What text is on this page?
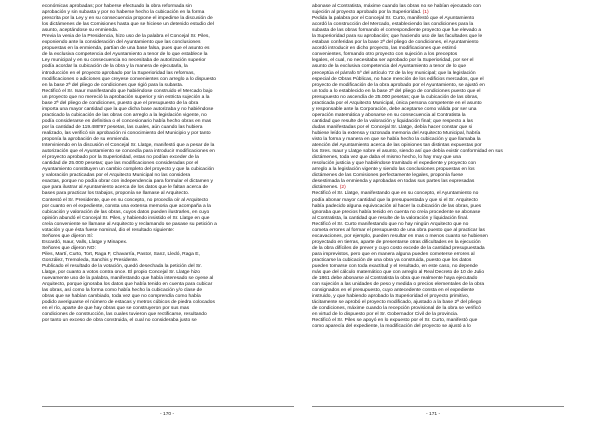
económicas aprobadas; por haberse efectuado la obra reformada sin

aprobación y sin subasta y por no haberse hecho la cubicación en la forma

prescrita por la Ley y en su consecuencia propone el impedirse la discusión de

los dictámenes de las Comisiones hasta que se hiciese un detenido estudio del

asunto, aceptándose su enmienda.

Previa la venia de la Presidencia, hizo uso de la palabra el Concejal Sr. Piles,

exponiendo ante la consideración del Ayuntamiento que las conclusiones

propuestas en la enmienda, partían de una base falsa, pues que el asunto es

de la exclusiva competencia del Ayuntamiento a tenor de lo que establece la

Ley municipal y en su consecuencia no necesitaba de autorización superior

podía acordar la cubicación de la obra y la manera de ejecutarla, la

introducción en el proyecto aprobado por la Superioridad las reformas,

modificaciones o adiciones que creyese convenientes con arreglo a lo dispuesto

en la base 2ª del pliego de condiciones que rigió para la subasta.

Rectificó el Sr. Isaur manifestando que habiéndose construido el Mercado bajo

un proyecto que no mereció la aprobación superior y sin estricta sujeción a la

base 2ª del pliego de condiciones, puesto que el presupuesto de la obra

importa una mayor cantidad que la que dicha base autorizaba y no habiéndose

practicado la cubicación de las obras con arreglo a la legislación vigente, no

podía considerarse en definitiva o el concesionario había hecho obras en mas

por la cantidad de 119.488'97 pesetas, las cuales, aún cuando las hubiera

realizado, las verificó sin aprobación ni conocimiento del Municipio y por tanto

proponía la aprobación de su enmienda.

Interviniendo en la discusión el Concejal Sr. Llatge, manifestó que a pesar de la

autorización que el Ayuntamiento se concedía para introducir modificaciones en

el proyecto aprobado por la Superioridad, estas no podían exceder de la

cantidad de 25.000 pesetas; que las modificaciones consideradas por el

Ayuntamiento constituyen un cambio completo del proyecto y que la cubicación

y valoración practicadas por el Arquitecto Municipal no las considera

exactas, porque no podía obrar con independencia para formular el dictamen y

que para ilustrar al Ayuntamiento acerca de los datos que le faltan acerca de

bases para practicar los trabajos, proponía se llamase al Arquitecto.

Contestó el Sr. Presidente, que en su concepto, no procedía oír al Arquitecto

por cuanto en el expediente, consta una extensa memoria que acompaña a la

cubicación y valoración de las obras, cuyos datos pueden ilustrarles, en cuyo

opinión abundó el Concejal Sr. Piles, y habiendo insistido el Sr. Llatge en que

creía conveniente se llamase al Arquitecto y reclamando se pasase su petición a

votación y que ésta fuese nominal, dio el resultado siguiente:

Señores que dijeron Sí:

Escardó, Isaur, Valls, Llatge y Minapex.

Señores que dijeron NO:

Piles, Martí, Curto, Tort, Raga F, Chavarría, Pastor, Sanz, Lledó, Raga E,

González, Tremoleda, Sanchis y Presidente.

Publicado el resultado de la votación, quedó desechada la petición del Sr.

Llatge, por cuanto a votos contra once. El propio Concejal Sr. Llatge hizo

nuevamente uso de la palabra, manifestando que había interesado se oyese al

Arquitecto, porque ignoraba los datos que había tenido en cuenta para cubicar

las obras, así como la forma como había hecho la cubicación y/o clase de

obras que se habían cambiado, toda vez que no comprendía como había

podido averiguarse el número de estacas y metros cúbicos de piedra colocados

en el río, aparte de que hay obras que se construyeron por sus mas

condiciones de construcción, las cuales tuvieron que rectificarse, resultando

por tanto un exceso de obra construida, el cual no consideraba justo se

- 170 -

abonase al Contratista, máxime cuando las obras no se habían ejecutado con

sujeción al proyecto aprobado por la Superioridad. (1)

Pedida la palabra por el Concejal Sr. Curto, manifestó que el Ayuntamiento

acordó la construcción del Mercado, estableciendo las condiciones para la

subasta de las obras formando el correspondiente proyecto que fue elevado a

la Superioridad para su aprobación; que haciendo uso de las facultades que le

estaban conferidas por la base 2ª del pliego de condiciones, el Ayuntamiento

acordó introducir en dicho proyecto, las modificaciones que estimó

convenientes, formando otro proyecto con sujeción a los preceptos

legales, el cual, no necesitaba ser aprobado por la Superioridad, por ser el

asunto de la exclusiva competencia del Ayuntamiento a tenor de lo que

preceptúa el párrafo 5º del artículo 72 de la ley municipal; que la legislación

especial de Obras Públicas, no hace mención de los edificios mercados, que el

proyecto de modificación de la obra aprobado por el Ayuntamiento, se ajustó en

un todo a lo establecido en la base 2ª del pliego de condiciones puesto que el

presupuesto no ascendía de 25.000 pesetas; que la cubicación de las obras,

practicada por el Arquitecto Municipal, única persona competente en el asunto

y responsable ante la Corporación, debe aceptarse como válida por ser una

operación matemática y abonarse en su consecuencia al Contratista la

cantidad que resulte de la valoración y liquidación final; que respecto a las

dudas manifestadas por el Concejal Sr. Llatge, debía hacer constar que si

hubiese leído la extensa y razonada memoria del Arquitecto Municipal, habría

visto la forma y manera en que se había hecho la cubicación y que llamaba la

atención del Ayuntamiento acerca de las opiniones tan distintas expuestas por

los Sres. Isaur y Llatge sobre el asunto, siendo así que debía existir conformidad en sus

dictámenes, toda vez que daba el mismo hecho, lo hay muy que una

resolución justicia y que habiéndose tramitado el expediente y proyecto con

arreglo a la legislación vigente y siendo las conclusiones propuestas en los

dictámenes de las Comisiones perfectamente legales, proponía fuese

desestimada la enmienda y aprobadas en todas sus partes las expresadas

dictámenes. (2)

Rectificó el Sr. Llatge, manifestando que en su concepto, el Ayuntamiento no

podía abonar mayor cantidad que la presupuestada y que si el Sr. Arquitecto

había padecido alguna equivocación al hacer la cubicación de las obras, pues

ignoraba que precios había tenido en cuenta no creía procedente se abonase

al Contratista, la cantidad que resulte de la valoración y liquidación final.

Rectificó el Sr. Curto manifestando que no hay ningún Arquitecto que no

cometa errores al formar el presupuesto de una obra puesto que al practicar las

excavaciones, por ejemplo, pueden resultar en mas o menos cuanto se hubiesen

proyectado en tierras, aparte de presentarse otras dificultades en la ejecución

de la obra difíciles de prever y cuyo costo excede de la cantidad presupuestada

para imprevistos, pero que en manera alguna pueden cometerse errores al

practicarse la cubicación de una obra ya construida, puesto que los datos

pueden tomarse con toda exactitud y el resultado, en este caso, no depende

más que del cálculo matemático que con arreglo al Real Decreto de 10 de Julio

de 1861 debe abonarse al Contratista la obra que realmente haya ejecutado

con sujeción a las unidades de peso y medida o precios elementales de la obra

consignados en el presupuesto, cuyo antecedente consta en el expediente

instruido, y que habiendo aprobado la Superioridad el proyecto primitivo,

tácitamente se aprobó el proyecto modificado, ajustado a la base 2ª del pliego

de condiciones, máxime cuando la recepción provisional de la obra se verificó

en virtud de lo dispuesto por el Sr. Gobernador Civil de la provincia.

Rectificó el Sr. Piles se apoyó en lo expuesto por el Sr. Curto, manifestó que

como aparecía del expediente, la modificación del proyecto se ajustó a lo

- 171 -
